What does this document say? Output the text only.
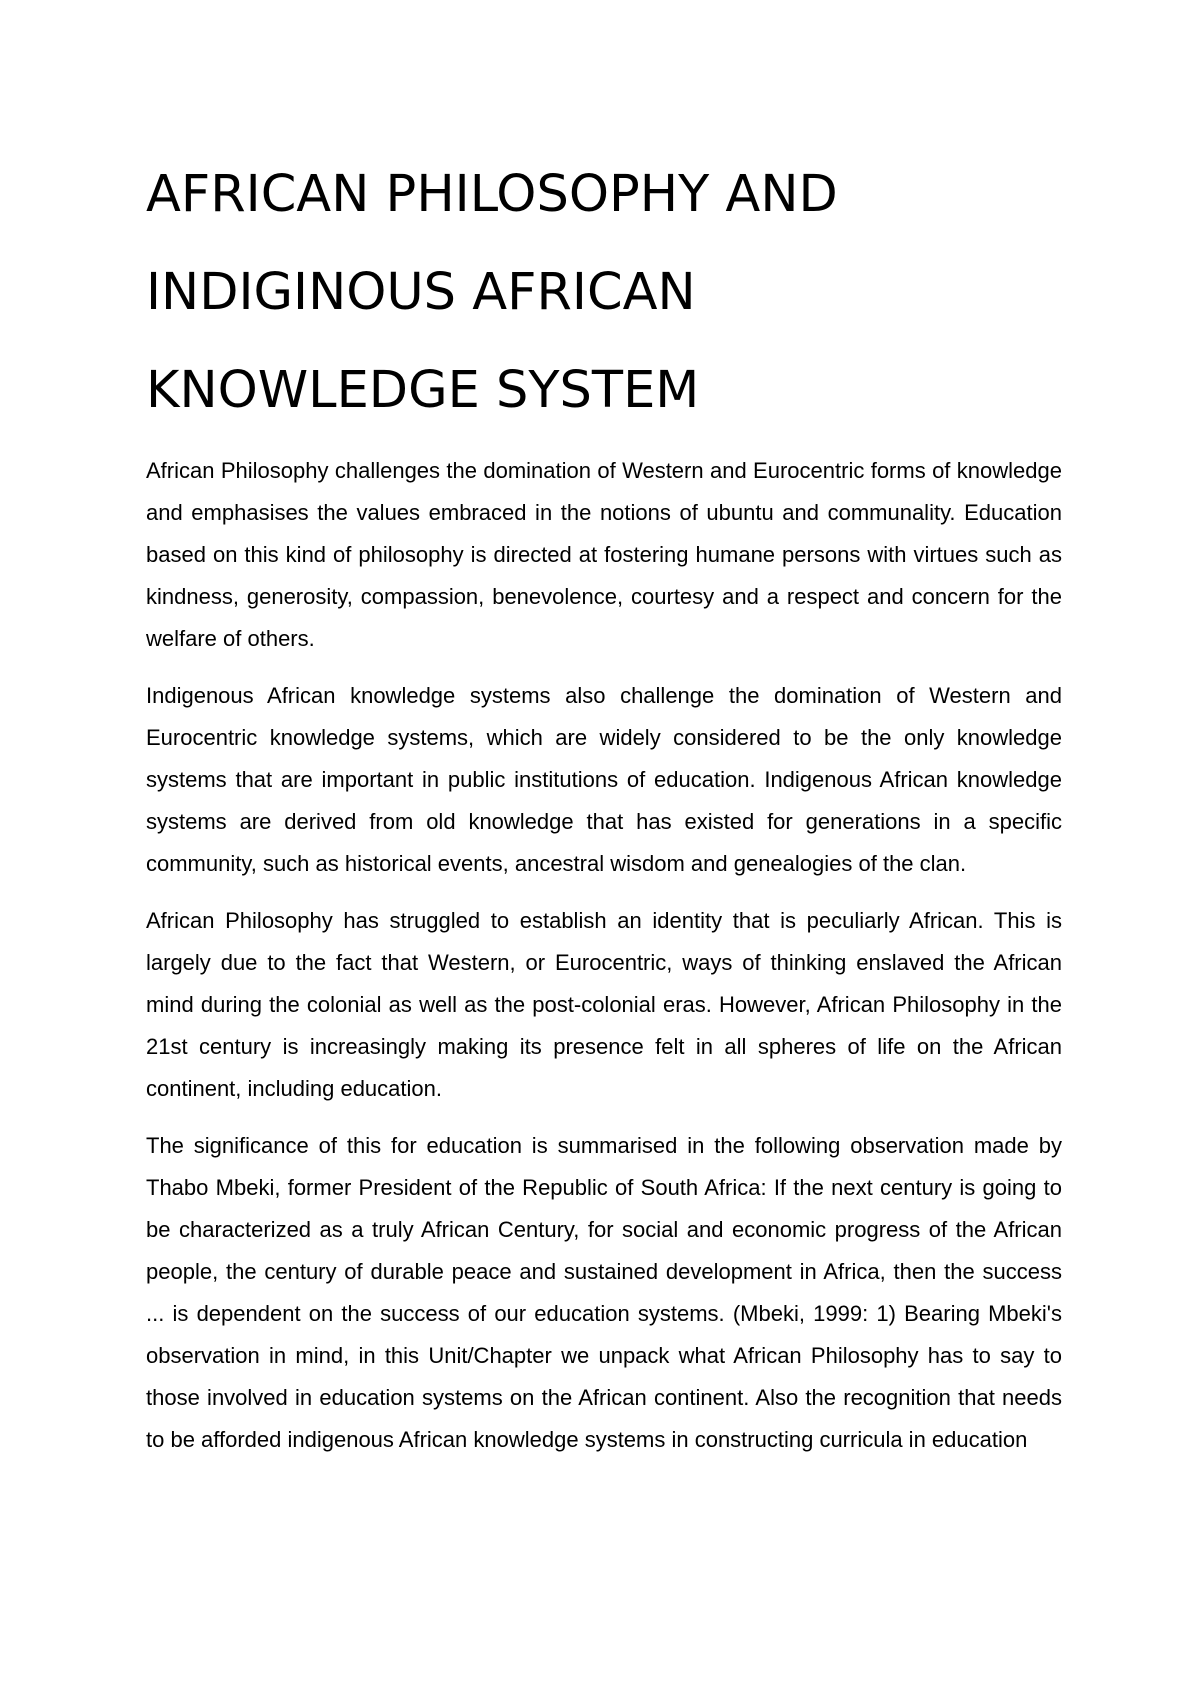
AFRICAN PHILOSOPHY AND
INDIGINOUS AFRICAN
KNOWLEDGE SYSTEM

African Philosophy challenges the domination of Western and Eurocentric forms of knowledge and emphasises the values embraced in the notions of ubuntu and communality. Education based on this kind of philosophy is directed at fostering humane persons with virtues such as kindness, generosity, compassion, benevolence, courtesy and a respect and concern for the welfare of others.

Indigenous African knowledge systems also challenge the domination of Western and Eurocentric knowledge systems, which are widely considered to be the only knowledge systems that are important in public institutions of education. Indigenous African knowledge systems are derived from old knowledge that has existed for generations in a specific community, such as historical events, ancestral wisdom and genealogies of the clan.

African Philosophy has struggled to establish an identity that is peculiarly African. This is largely due to the fact that Western, or Eurocentric, ways of thinking enslaved the African mind during the colonial as well as the post-colonial eras. However, African Philosophy in the 21st century is increasingly making its presence felt in all spheres of life on the African continent, including education.

The significance of this for education is summarised in the following observation made by Thabo Mbeki, former President of the Republic of South Africa: If the next century is going to be characterized as a truly African Century, for social and economic progress of the African people, the century of durable peace and sustained development in Africa, then the success ... is dependent on the success of our education systems. (Mbeki, 1999: 1) Bearing Mbeki's observation in mind, in this Unit/Chapter we unpack what African Philosophy has to say to those involved in education systems on the African continent. Also the recognition that needs to be afforded indigenous African knowledge systems in constructing curricula in education
